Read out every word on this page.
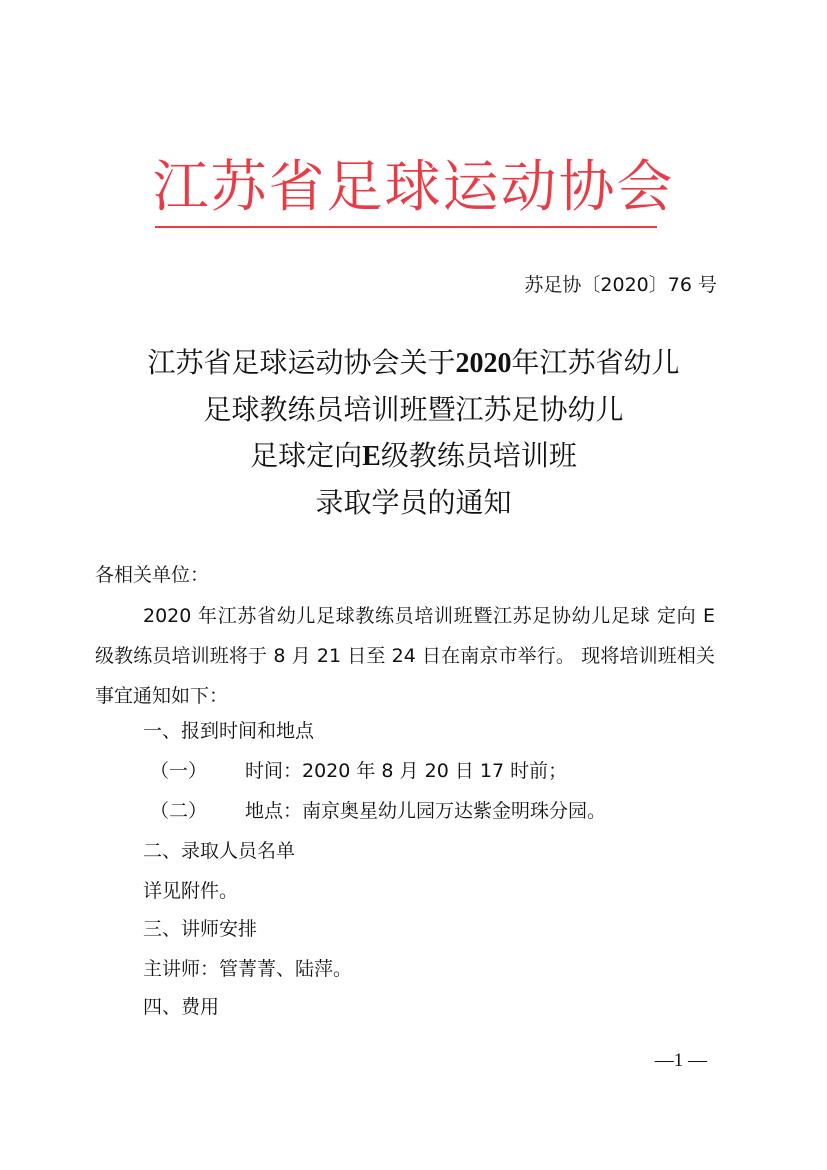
江苏省足球运动协会
苏足协〔2020〕76 号
江苏省足球运动协会关于2020年江苏省幼儿
足球教练员培训班暨江苏足协幼儿
足球定向E级教练员培训班
录取学员的通知
各相关单位：
2020 年江苏省幼儿足球教练员培训班暨江苏足协幼儿足球 定向 E 级教练员培训班将于 8 月 21 日至 24 日在南京市举行。 现将培训班相关事宜通知如下：
一、报到时间和地点
（一） 时间：2020 年 8 月 20 日 17 时前；
（二） 地点：南京奥星幼儿园万达紫金明珠分园。
二、录取人员名单
详见附件。
三、讲师安排
主讲师：管菁菁、陆萍。
四、费用
—1 —
